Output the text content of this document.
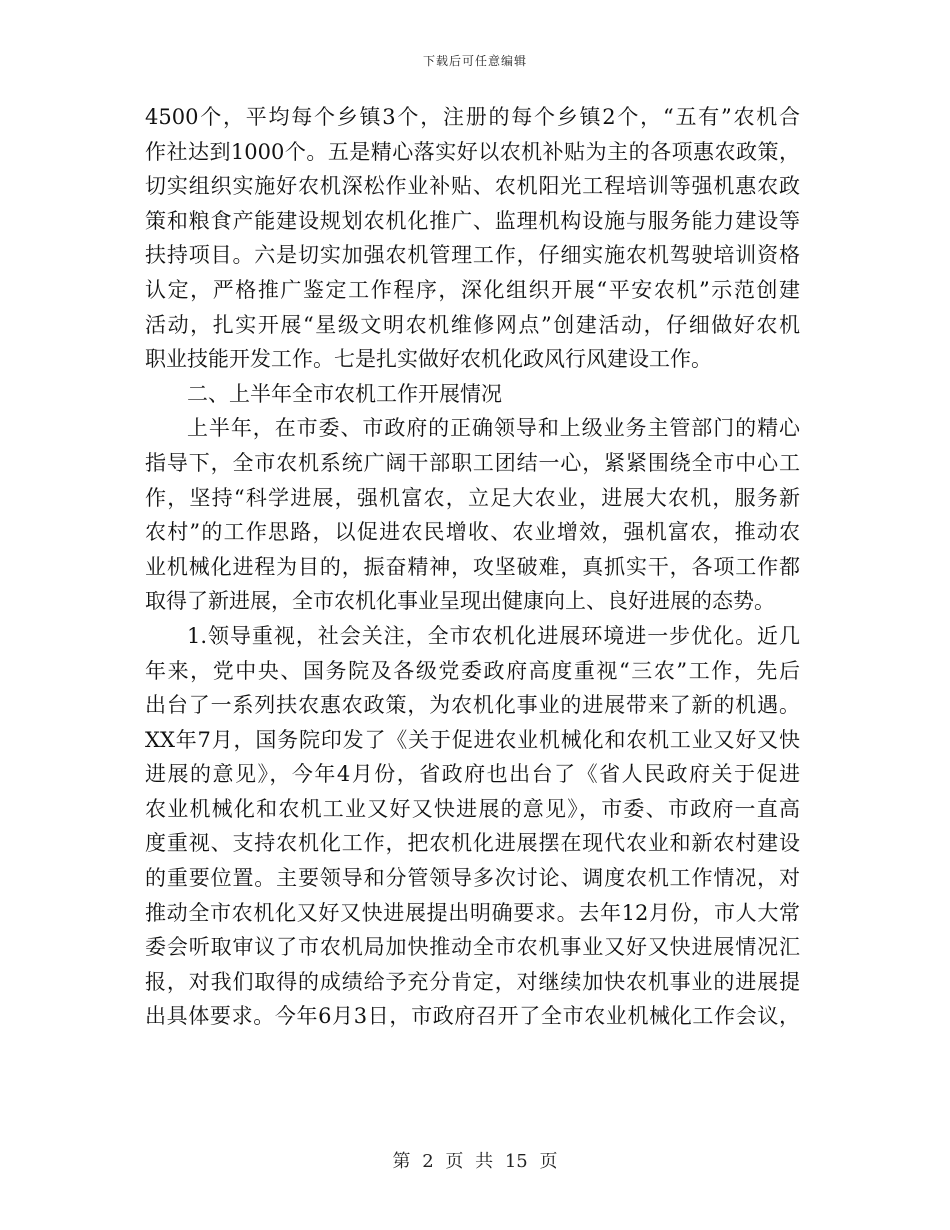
下载后可任意编辑
4500个，平均每个乡镇3个，注册的每个乡镇2个，“五有”农机合
作社达到1000个。五是精心落实好以农机补贴为主的各项惠农政策，
切实组织实施好农机深松作业补贴、农机阳光工程培训等强机惠农政
策和粮食产能建设规划农机化推广、监理机构设施与服务能力建设等
扶持项目。六是切实加强农机管理工作，仔细实施农机驾驶培训资格
认定，严格推广鉴定工作程序，深化组织开展“平安农机”示范创建
活动，扎实开展“星级文明农机维修网点”创建活动，仔细做好农机
职业技能开发工作。七是扎实做好农机化政风行风建设工作。
二、上半年全市农机工作开展情况
上半年，在市委、市政府的正确领导和上级业务主管部门的精心
指导下，全市农机系统广阔干部职工团结一心，紧紧围绕全市中心工
作，坚持“科学进展，强机富农，立足大农业，进展大农机，服务新
农村”的工作思路，以促进农民增收、农业增效，强机富农，推动农
业机械化进程为目的，振奋精神，攻坚破难，真抓实干，各项工作都
取得了新进展，全市农机化事业呈现出健康向上、良好进展的态势。
1.领导重视，社会关注，全市农机化进展环境进一步优化。近几
年来，党中央、国务院及各级党委政府高度重视“三农”工作，先后
出台了一系列扶农惠农政策，为农机化事业的进展带来了新的机遇。
XX年7月，国务院印发了《关于促进农业机械化和农机工业又好又快
进展的意见》，今年4月份，省政府也出台了《省人民政府关于促进
农业机械化和农机工业又好又快进展的意见》，市委、市政府一直高
度重视、支持农机化工作，把农机化进展摆在现代农业和新农村建设
的重要位置。主要领导和分管领导多次讨论、调度农机工作情况，对
推动全市农机化又好又快进展提出明确要求。去年12月份，市人大常
委会听取审议了市农机局加快推动全市农机事业又好又快进展情况汇
报，对我们取得的成绩给予充分肯定，对继续加快农机事业的进展提
出具体要求。今年6月3日，市政府召开了全市农业机械化工作会议，
第 2 页 共 15 页
